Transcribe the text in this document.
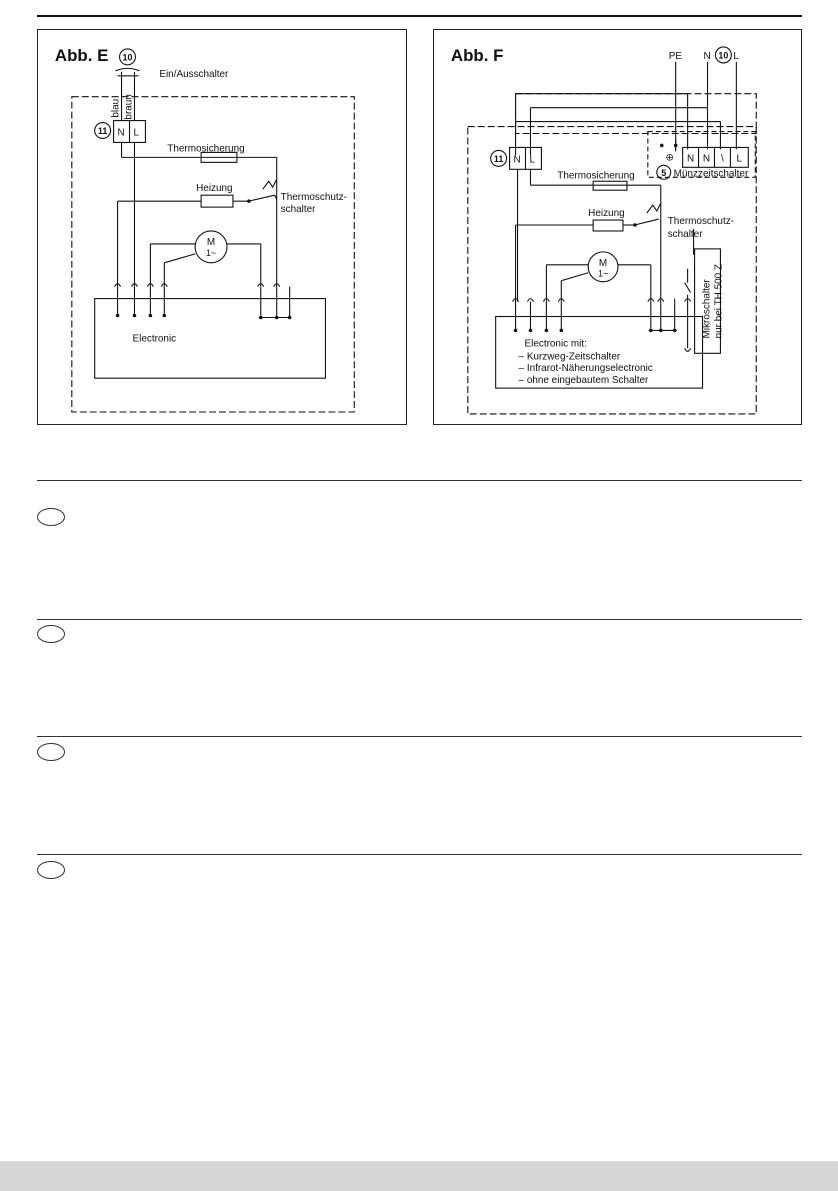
Abb. E 10
Ein/Ausschalter
blau braun
11 N L
Thermosicherung
Heizung
Thermoschutz-
schalter
M
1~
Electronic
Abb. F	PE N 10 L
11 N L	⊕ N N \ L
Thermosicherung	5 Münzzeitschalter
Heizung
Thermoschutz-
schalter
M
1~
Mikroschalter nur bei TH 500 Z
Electronic mit:
– Kurzweg-Zeitschalter
– Infrarot-Näherungselectronic
– ohne eingebautem Schalter
